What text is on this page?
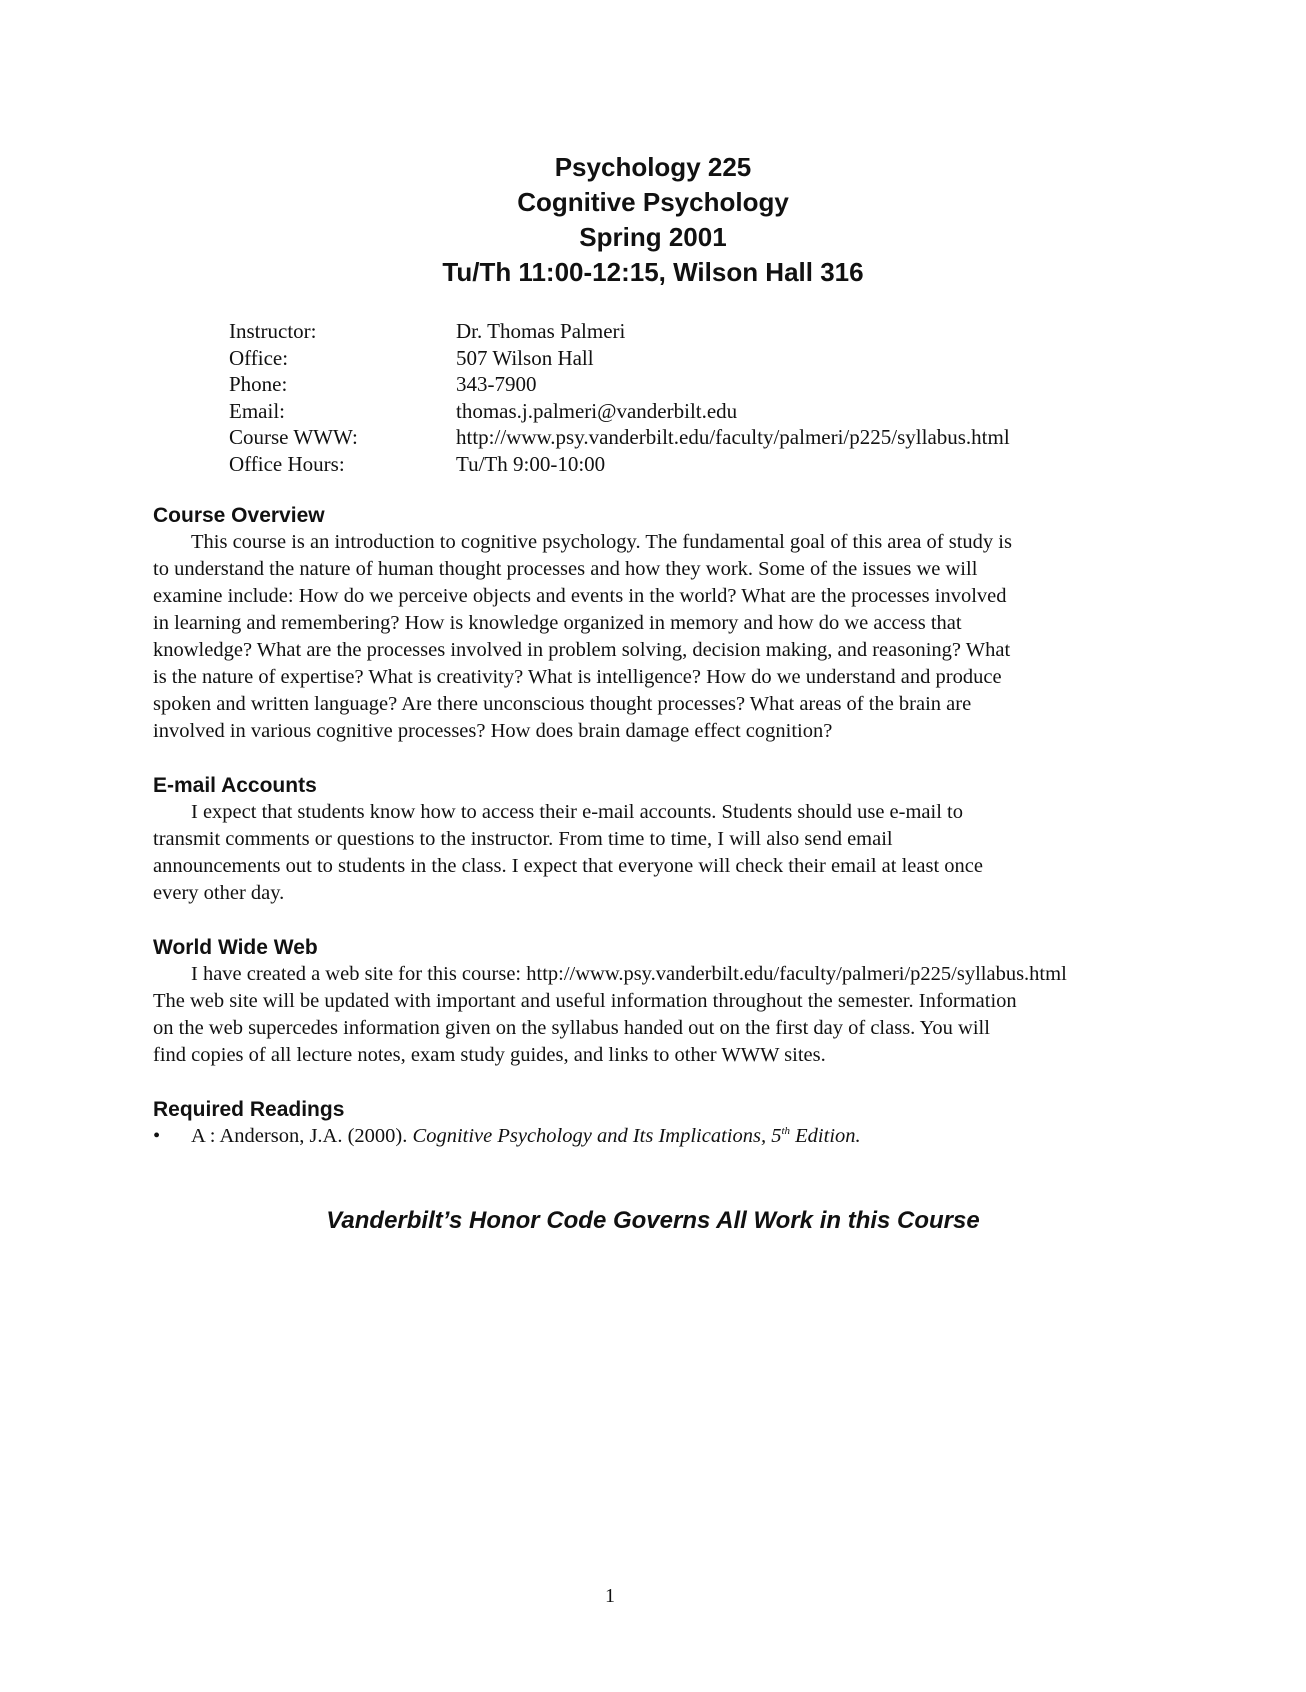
Psychology 225
Cognitive Psychology
Spring 2001
Tu/Th 11:00-12:15, Wilson Hall 316
Instructor:	Dr. Thomas Palmeri
Office:	507 Wilson Hall
Phone:	343-7900
Email:	thomas.j.palmeri@vanderbilt.edu
Course WWW:	http://www.psy.vanderbilt.edu/faculty/palmeri/p225/syllabus.html
Office Hours:	Tu/Th 9:00-10:00
Course Overview

This course is an introduction to cognitive psychology. The fundamental goal of this area of study is
to understand the nature of human thought processes and how they work. Some of the issues we will
examine include: How do we perceive objects and events in the world? What are the processes involved
in learning and remembering? How is knowledge organized in memory and how do we access that
knowledge? What are the processes involved in problem solving, decision making, and reasoning? What
is the nature of expertise? What is creativity? What is intelligence? How do we understand and produce
spoken and written language? Are there unconscious thought processes? What areas of the brain are
involved in various cognitive processes? How does brain damage effect cognition?

E-mail Accounts

I expect that students know how to access their e-mail accounts. Students should use e-mail to
transmit comments or questions to the instructor. From time to time, I will also send email
announcements out to students in the class. I expect that everyone will check their email at least once
every other day.

World Wide Web

I have created a web site for this course: http://www.psy.vanderbilt.edu/faculty/palmeri/p225/syllabus.html
The web site will be updated with important and useful information throughout the semester. Information
on the web supercedes information given on the syllabus handed out on the first day of class. You will
find copies of all lecture notes, exam study guides, and links to other WWW sites.

Required Readings
•	A : Anderson, J.A. (2000). Cognitive Psychology and Its Implications, 5th Edition.
Vanderbilt’s Honor Code Governs All Work in this Course
1
